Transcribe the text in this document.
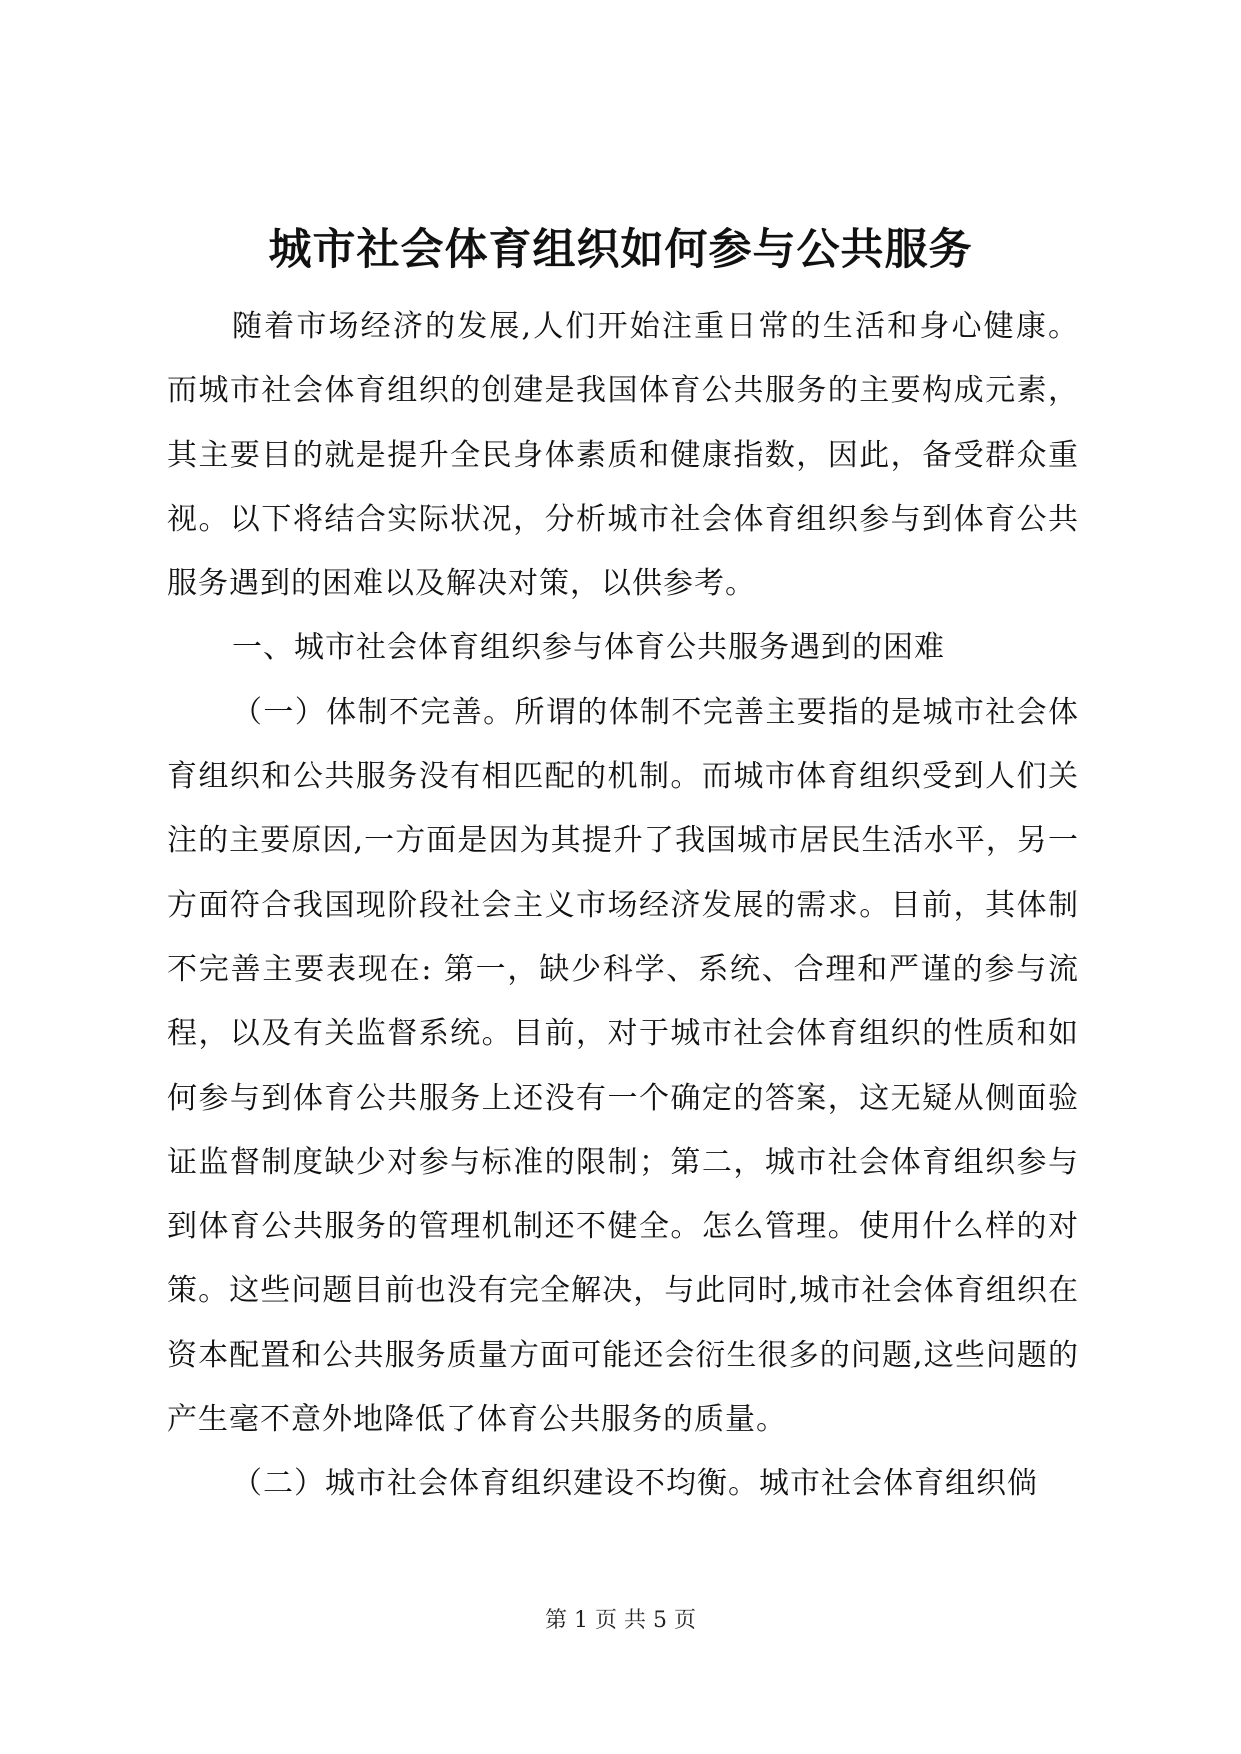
城市社会体育组织如何参与公共服务

随着市场经济的发展,人们开始注重日常的生活和身心健康。而城市社会体育组织的创建是我国体育公共服务的主要构成元素，其主要目的就是提升全民身体素质和健康指数，因此，备受群众重视。以下将结合实际状况，分析城市社会体育组织参与到体育公共服务遇到的困难以及解决对策，以供参考。

一、城市社会体育组织参与体育公共服务遇到的困难

（一）体制不完善。所谓的体制不完善主要指的是城市社会体育组织和公共服务没有相匹配的机制。而城市体育组织受到人们关注的主要原因,一方面是因为其提升了我国城市居民生活水平，另一方面符合我国现阶段社会主义市场经济发展的需求。目前，其体制不完善主要表现在: 第一，缺少科学、系统、合理和严谨的参与流程，以及有关监督系统。目前，对于城市社会体育组织的性质和如何参与到体育公共服务上还没有一个确定的答案，这无疑从侧面验证监督制度缺少对参与标准的限制；第二，城市社会体育组织参与到体育公共服务的管理机制还不健全。怎么管理。使用什么样的对策。这些问题目前也没有完全解决，与此同时,城市社会体育组织在资本配置和公共服务质量方面可能还会衍生很多的问题,这些问题的产生毫不意外地降低了体育公共服务的质量。

（二）城市社会体育组织建设不均衡。城市社会体育组织倘

第 1 页 共 5 页
